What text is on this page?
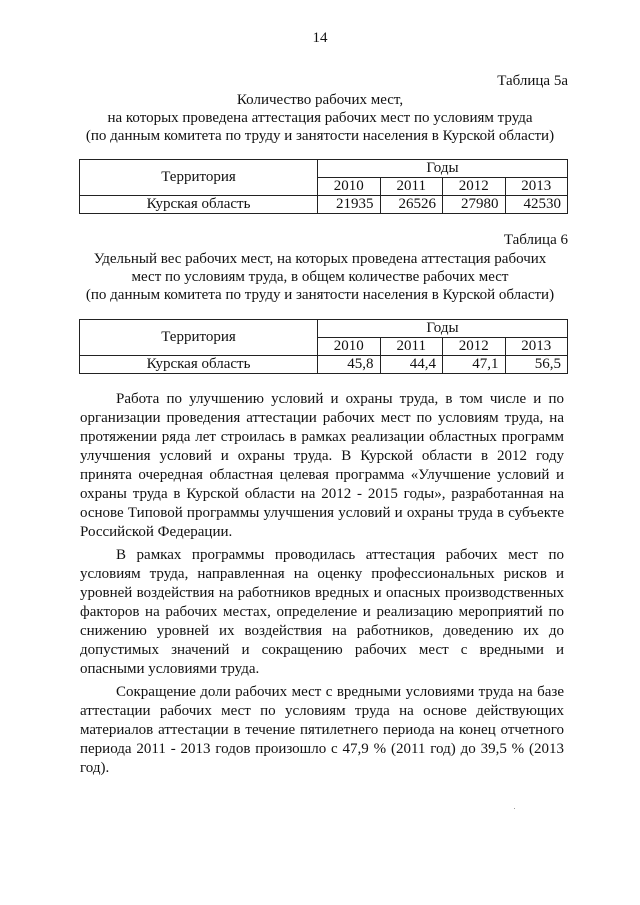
14
Таблица 5а
Количество рабочих мест,
на которых проведена аттестация рабочих мест по условиям труда
(по данным комитета по труду и занятости населения в Курской области)
Территория	Годы			
	2010	2011	2012	2013
Курская область	21935	26526	27980	42530
Таблица 6
Удельный вес рабочих мест, на которых проведена аттестация рабочих
мест по условиям труда, в общем количестве рабочих мест
(по данным комитета по труду и занятости населения в Курской области)
Территория	Годы			
	2010	2011	2012	2013
Курская область	45,8	44,4	47,1	56,5

Работа по улучшению условий и охраны труда, в том числе и по организации проведения аттестации рабочих мест по условиям труда, на протяжении ряда лет строилась в рамках реализации областных программ улучшения условий и охраны труда. В Курской области в 2012 году принята очередная областная целевая программа «Улучшение условий и охраны труда в Курской области на 2012 - 2015 годы», разработанная на основе Типовой программы улучшения условий и охраны труда в субъекте Российской Федерации.

В рамках программы проводилась аттестация рабочих мест по условиям труда, направленная на оценку профессиональных рисков и уровней воздействия на работников вредных и опасных производственных факторов на рабочих местах, определение и реализацию мероприятий по снижению уровней их воздействия на работников, доведению их до допустимых значений и сокращению рабочих мест с вредными и опасными условиями труда.

Сокращение доли рабочих мест с вредными условиями труда на базе аттестации рабочих мест по условиям труда на основе действующих материалов аттестации в течение пятилетнего периода на конец отчетного периода 2011 - 2013 годов произошло с 47,9 % (2011 год) до 39,5 % (2013 год).
